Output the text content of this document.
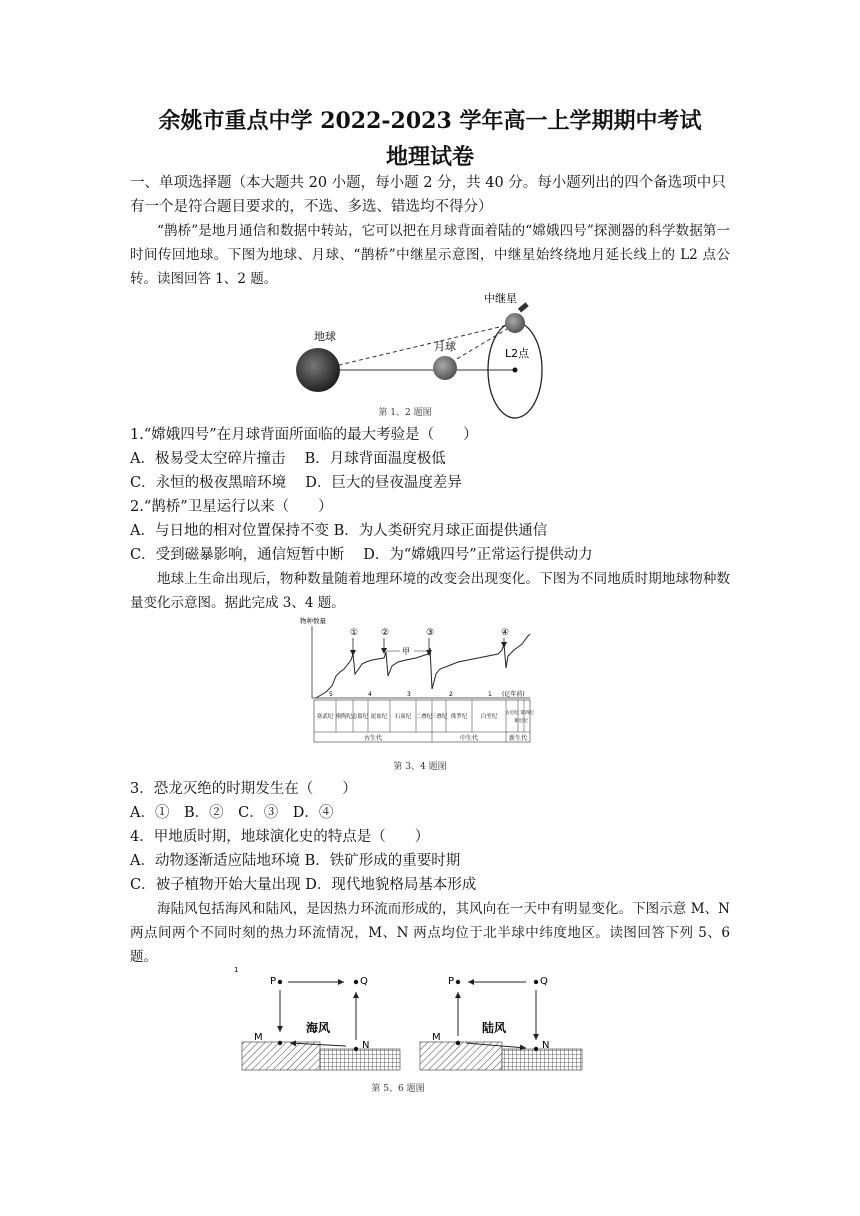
余姚市重点中学 2022-2023 学年高一上学期期中考试
地理试卷
一、单项选择题（本大题共 20 小题，每小题 2 分，共 40 分。每小题列出的四个备选项中只
有一个是符合题目要求的，不选、多选、错选均不得分）
“鹊桥”是地月通信和数据中转站，它可以把在月球背面着陆的“嫦娥四号”探测器的科学数据第一时间传回地球。下图为地球、月球、“鹊桥”中继星示意图，中继星始终绕地月延长线上的 L2 点公转。读图回答 1、2 题。
地球
月球
中继星
L2点
第 1、2 题图
1.“嫦娥四号”在月球背面所面临的最大考验是（　　）
A．极易受太空碎片撞击　 B．月球背面温度极低
C．永恒的极夜黑暗环境　 D．巨大的昼夜温度差异
2.“鹊桥”卫星运行以来（　　）
A．与日地的相对位置保持不变 B．为人类研究月球正面提供通信
C．受到磁暴影响，通信短暂中断　 D．为“嫦娥四号”正常运行提供动力
地球上生命出现后，物种数量随着地理环境的改变会出现变化。下图为不同地质时期地球物种数量变化示意图。据此完成 3、4 题。
物种数量
①	②	③	④
甲
5	4	3	2	1 (亿年前)
寒武纪 奥陶纪 志留纪 泥盆纪 石炭纪 二叠纪
三叠纪 侏罗纪 白垩纪
古近纪
新近纪
第四纪
古生代	中生代	新生代
第 3、4 题图
3．恐龙灭绝的时期发生在（　　）
A．①　B．②　C．③　D．④
4．甲地质时期，地球演化史的特点是（　　）
A．动物逐渐适应陆地环境 B．铁矿形成的重要时期
C．被子植物开始大量出现 D．现代地貌格局基本形成
海陆风包括海风和陆风，是因热力环流而形成的，其风向在一天中有明显变化。下图示意 M、N 两点间两个不同时刻的热力环流情况，M、N 两点均位于北半球中纬度地区。读图回答下列 5、6 题。
1
P	Q
M
N
海风
P	Q
M
N
陆风
第 5、6 题图
